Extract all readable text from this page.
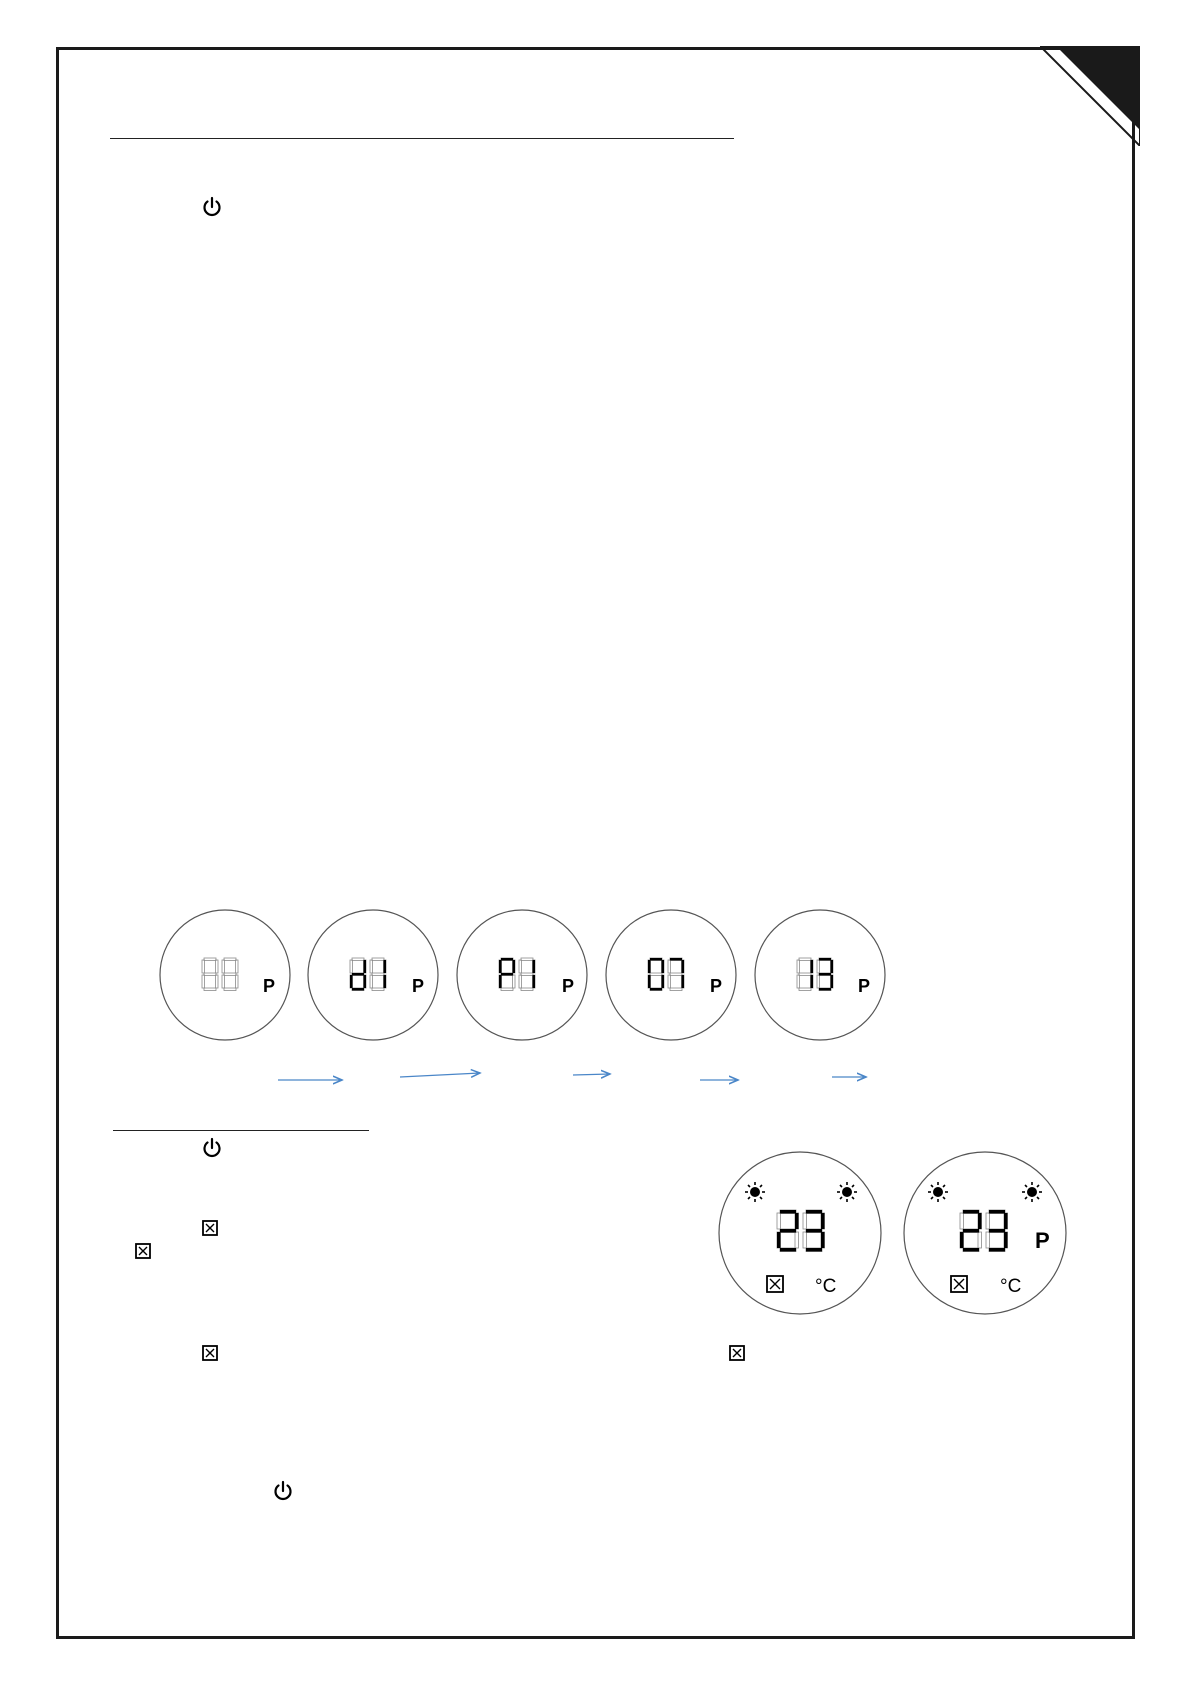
P	P	P	P	P
°C
P
°C
